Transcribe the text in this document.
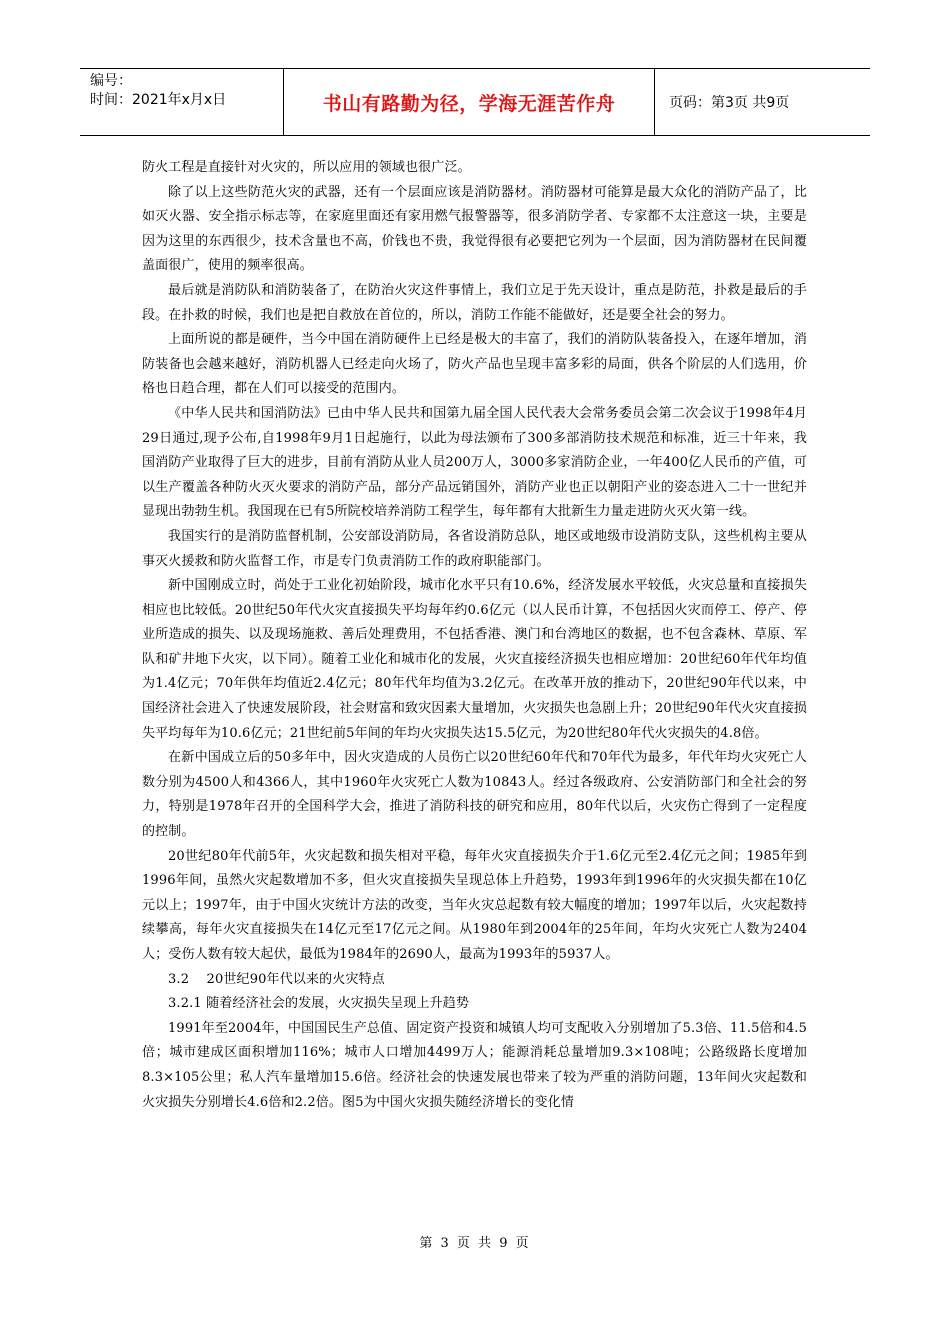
编号：
时间：2021年x月x日	书山有路勤为径，学海无涯苦作舟	页码：第3页 共9页

防火工程是直接针对火灾的，所以应用的领域也很广泛。

除了以上这些防范火灾的武器，还有一个层面应该是消防器材。消防器材可能算是最大众化的消防产品了，比如灭火器、安全指示标志等，在家庭里面还有家用燃气报警器等，很多消防学者、专家都不太注意这一块，主要是因为这里的东西很少，技术含量也不高，价钱也不贵，我觉得很有必要把它列为一个层面，因为消防器材在民间覆盖面很广，使用的频率很高。

最后就是消防队和消防装备了，在防治火灾这件事情上，我们立足于先天设计，重点是防范，扑救是最后的手段。在扑救的时候，我们也是把自救放在首位的，所以，消防工作能不能做好，还是要全社会的努力。

上面所说的都是硬件，当今中国在消防硬件上已经是极大的丰富了，我们的消防队装备投入，在逐年增加，消防装备也会越来越好，消防机器人已经走向火场了，防火产品也呈现丰富多彩的局面，供各个阶层的人们选用，价格也日趋合理，都在人们可以接受的范围内。

《中华人民共和国消防法》已由中华人民共和国第九届全国人民代表大会常务委员会第二次会议于1998年4月29日通过,现予公布,自1998年9月1日起施行，以此为母法颁布了300多部消防技术规范和标准，近三十年来，我国消防产业取得了巨大的进步，目前有消防从业人员200万人，3000多家消防企业，一年400亿人民币的产值，可以生产覆盖各种防火灭火要求的消防产品，部分产品远销国外，消防产业也正以朝阳产业的姿态进入二十一世纪并显现出勃勃生机。我国现在已有5所院校培养消防工程学生，每年都有大批新生力量走进防火灭火第一线。

我国实行的是消防监督机制，公安部设消防局，各省设消防总队，地区或地级市设消防支队，这些机构主要从事灭火援救和防火监督工作，市是专门负责消防工作的政府职能部门。

新中国刚成立时，尚处于工业化初始阶段，城市化水平只有10.6%，经济发展水平较低，火灾总量和直接损失相应也比较低。20世纪50年代火灾直接损失平均每年约0.6亿元（以人民币计算，不包括因火灾而停工、停产、停业所造成的损失、以及现场施救、善后处理费用，不包括香港、澳门和台湾地区的数据，也不包含森林、草原、军队和矿井地下火灾，以下同）。随着工业化和城市化的发展，火灾直接经济损失也相应增加：20世纪60年代年均值为1.4亿元；70年供年均值近2.4亿元；80年代年均值为3.2亿元。在改革开放的推动下，20世纪90年代以来，中国经济社会进入了快速发展阶段，社会财富和致灾因素大量增加，火灾损失也急剧上升；20世纪90年代火灾直接损失平均每年为10.6亿元；21世纪前5年间的年均火灾损失达15.5亿元，为20世纪80年代火灾损失的4.8倍。

在新中国成立后的50多年中，因火灾造成的人员伤亡以20世纪60年代和70年代为最多，年代年均火灾死亡人数分别为4500人和4366人，其中1960年火灾死亡人数为10843人。经过各级政府、公安消防部门和全社会的努力，特别是1978年召开的全国科学大会，推进了消防科技的研究和应用，80年代以后，火灾伤亡得到了一定程度的控制。

20世纪80年代前5年，火灾起数和损失相对平稳，每年火灾直接损失介于1.6亿元至2.4亿元之间；1985年到1996年间，虽然火灾起数增加不多，但火灾直接损失呈现总体上升趋势，1993年到1996年的火灾损失都在10亿元以上；1997年，由于中国火灾统计方法的改变，当年火灾总起数有较大幅度的增加；1997年以后，火灾起数持续攀高，每年火灾直接损失在14亿元至17亿元之间。从1980年到2004年的25年间，年均火灾死亡人数为2404人；受伤人数有较大起伏，最低为1984年的2690人，最高为1993年的5937人。

3.2　 20世纪90年代以来的火灾特点

3.2.1 随着经济社会的发展，火灾损失呈现上升趋势

1991年至2004年，中国国民生产总值、固定资产投资和城镇人均可支配收入分别增加了5.3倍、11.5倍和4.5倍；城市建成区面积增加116%；城市人口增加4499万人；能源消耗总量增加9.3×108吨；公路级路长度增加8.3×105公里；私人汽车量增加15.6倍。经济社会的快速发展也带来了较为严重的消防问题，13年间火灾起数和火灾损失分别增长4.6倍和2.2倍。图5为中国火灾损失随经济增长的变化情

第 3 页 共 9 页
